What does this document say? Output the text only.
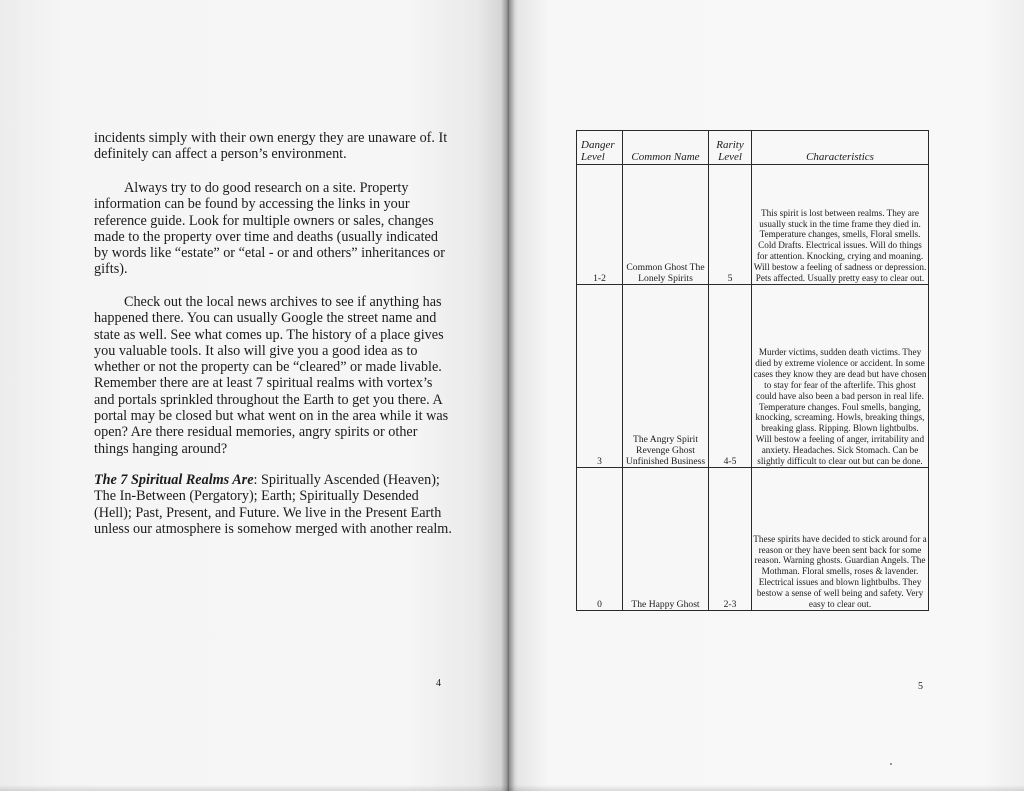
incidents simply with their own energy they are unaware of. It definitely can affect a person’s environment.

Always try to do good research on a site. Property information can be found by accessing the links in your reference guide. Look for multiple owners or sales, changes made to the property over time and deaths (usually indicated by words like “estate” or “etal - or and others” inheritances or gifts).

Check out the local news archives to see if anything has happened there. You can usually Google the street name and state as well. See what comes up. The history of a place gives you valuable tools. It also will give you a good idea as to whether or not the property can be “cleared” or made livable. Remember there are at least 7 spiritual realms with vortex’s and portals sprinkled throughout the Earth to get you there. A portal may be closed but what went on in the area while it was open? Are there residual memories, angry spirits or other things hanging around?

The 7 Spiritual Realms Are: Spiritually Ascended (Heaven); The In-Between (Pergatory); Earth; Spiritually Desended (Hell); Past, Present, and Future. We live in the Present Earth unless our atmosphere is somehow merged with another realm.

4
Danger Level	Common Name	Rarity Level	Characteristics
1-2	Common Ghost The Lonely Spirits	5	This spirit is lost between realms. They are usually stuck in the time frame they died in. Temperature changes, smells, Floral smells. Cold Drafts. Electrical issues. Will do things for attention. Knocking, crying and moaning. Will bestow a feeling of sadness or depression. Pets affected. Usually pretty easy to clear out.
3	The Angry Spirit Revenge Ghost Unfinished Business	4-5	Murder victims, sudden death victims. They died by extreme violence or accident. In some cases they know they are dead but have chosen to stay for fear of the afterlife. This ghost could have also been a bad person in real life. Temperature changes. Foul smells, banging, knocking, screaming. Howls, breaking things, breaking glass. Ripping. Blown lightbulbs. Will bestow a feeling of anger, irritability and anxiety. Headaches. Sick Stomach. Can be slightly difficult to clear out but can be done.
0	The Happy Ghost	2-3	These spirits have decided to stick around for a reason or they have been sent back for some reason. Warning ghosts. Guardian Angels. The Mothman. Floral smells, roses & lavender. Electrical issues and blown lightbulbs. They bestow a sense of well being and safety. Very easy to clear out.
5
